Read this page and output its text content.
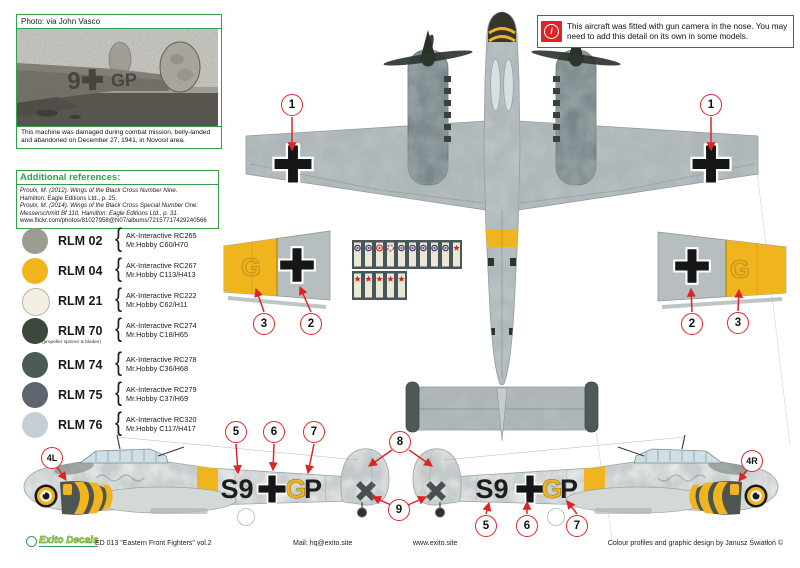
G	G
S9 G
P	S9 G
P
Photo: via John Vasco
This machine was damaged during combat mission, belly-landed and abandoned on December 27, 1941, in Novosil area.
Additional references:
Proulx, M. (2012). Wings of the Black Cross Number Nine.
Hamilton: Eagle Editions Ltd., p. 25.
Proulx, M. (2014). Wings of the Black Cross Special Number One:
Messerschmitt Bf 110. Hamilton: Eagle Editions Ltd., p. 31.
www.flickr.com/photos/81027958@N07/albums/72157717429240566
RLM 02 {	AK-Interactive RC265
Mr.Hobby C60/H70
RLM 04 {	AK-Interactive RC267
Mr.Hobby C113/H413
RLM 21 {	AK-Interactive RC222
Mr.Hobby C62/H11
RLM 70
(propeller spinner & blades)
{
AK-Interactive RC274
Mr.Hobby C18/H65
RLM 74 {	AK-Interactive RC278
Mr.Hobby C36/H68
RLM 75 {	AK-Interactive RC279
Mr.Hobby C37/H69
RLM 76 {	AK-Interactive RC320
Mr.Hobby C117/H417
i	This aircraft was fitted with gun camera in the nose. You may need to add this detail on its own in some models.

1	1
3	2	2	3
4L	4R
5	6	7
8
9
5	6	7
Exito Decals
ED 013 "Eastern Front Fighters" vol.2	Mail: hq@exito.site	www.exito.site	Colour profiles and graphic design by Janusz Światłoń ©
